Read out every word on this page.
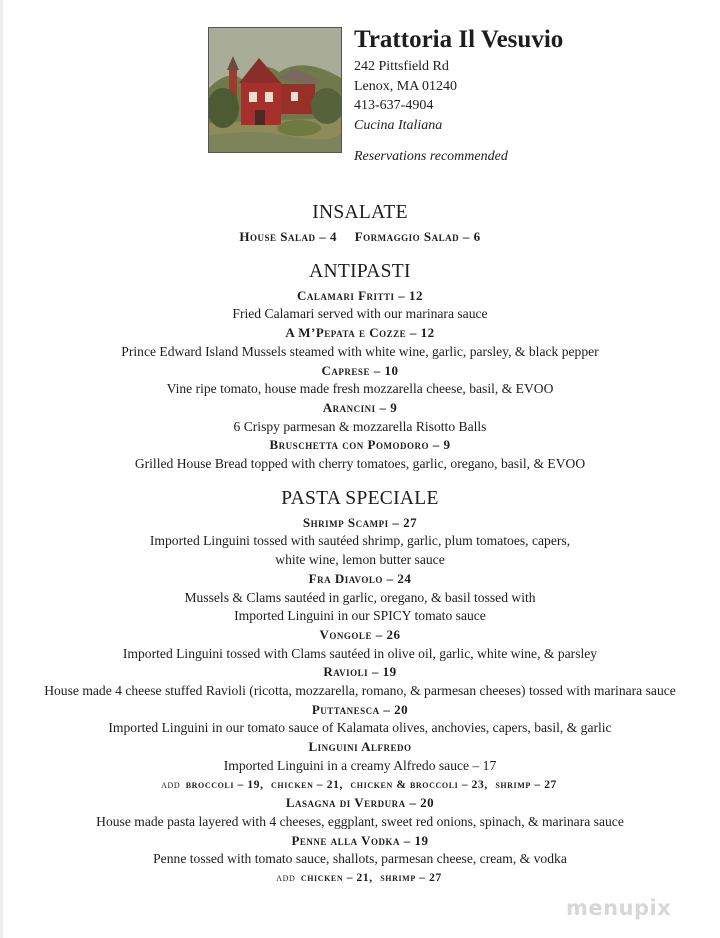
Trattoria Il Vesuvio
242 Pittsfield Rd
Lenox, MA 01240
413-637-4904
Cucina Italiana
Reservations recommended
INSALATE
House Salad – 4 Formaggio Salad – 6
ANTIPASTI
Calamari Fritti – 12
Fried Calamari served with our marinara sauce
A M’Pepata e Cozze – 12
Prince Edward Island Mussels steamed with white wine, garlic, parsley, & black pepper
Caprese – 10
Vine ripe tomato, house made fresh mozzarella cheese, basil, & EVOO
Arancini – 9
6 Crispy parmesan & mozzarella Risotto Balls
Bruschetta con Pomodoro – 9
Grilled House Bread topped with cherry tomatoes, garlic, oregano, basil, & EVOO
PASTA SPECIALE
Shrimp Scampi – 27
Imported Linguini tossed with sautéed shrimp, garlic, plum tomatoes, capers,
white wine, lemon butter sauce
Fra Diavolo – 24
Mussels & Clams sautéed in garlic, oregano, & basil tossed with
Imported Linguini in our SPICY tomato sauce
Vongole – 26
Imported Linguini tossed with Clams sautéed in olive oil, garlic, white wine, & parsley
Ravioli – 19
House made 4 cheese stuffed Ravioli (ricotta, mozzarella, romano, & parmesan cheeses) tossed with marinara sauce
Puttanesca – 20
Imported Linguini in our tomato sauce of Kalamata olives, anchovies, capers, basil, & garlic
Linguini Alfredo
Imported Linguini in a creamy Alfredo sauce – 17
add broccoli – 19, chicken – 21, chicken & broccoli – 23, shrimp – 27
Lasagna di Verdura – 20
House made pasta layered with 4 cheeses, eggplant, sweet red onions, spinach, & marinara sauce
Penne alla Vodka – 19
Penne tossed with tomato sauce, shallots, parmesan cheese, cream, & vodka
add chicken – 21, shrimp – 27
menupix
